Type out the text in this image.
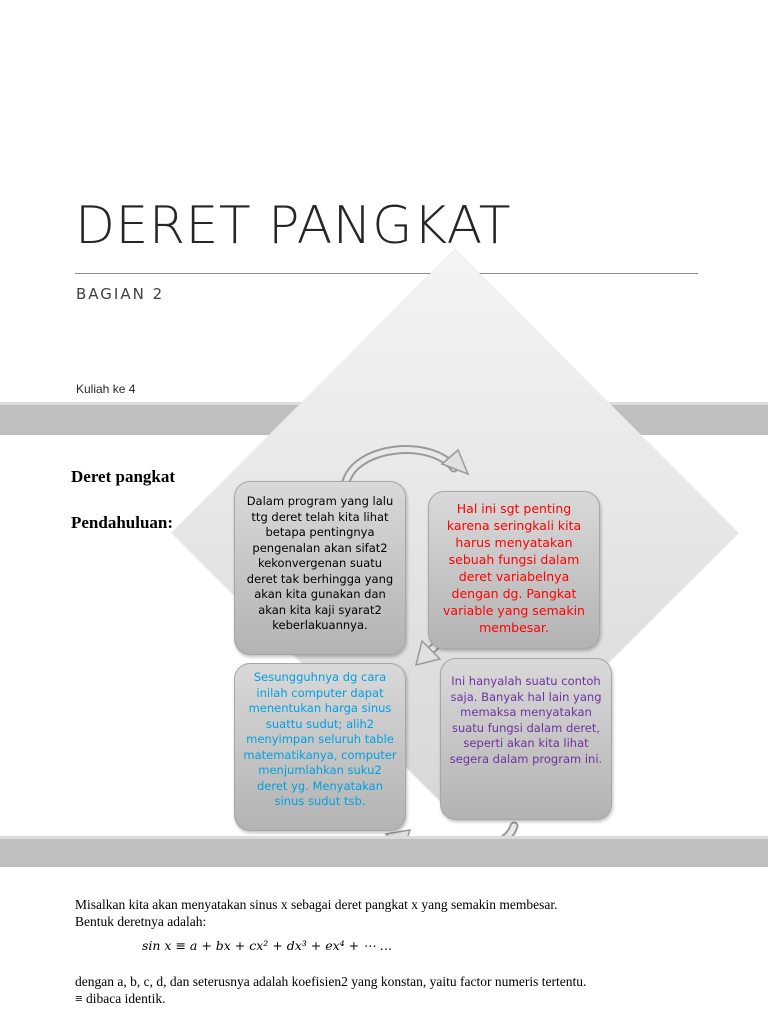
DERET PANGKAT
BAGIAN 2
Kuliah ke 4
Deret pangkat
Pendahuluan:
Dalam program yang lalu ttg deret telah kita lihat betapa pentingnya pengenalan akan sifat2 kekonvergenan suatu deret tak berhingga yang akan kita gunakan dan akan kita kaji syarat2 keberlakuannya.
Hal ini sgt penting karena seringkali kita harus menyatakan sebuah fungsi dalam deret variabelnya dengan dg. Pangkat variable yang semakin membesar.
Sesungguhnya dg cara inilah computer dapat menentukan harga sinus suattu sudut; alih2 menyimpan seluruh table matematikanya, computer menjumlahkan suku2 deret yg. Menyatakan sinus sudut tsb.
Ini hanyalah suatu contoh saja. Banyak hal lain yang memaksa menyatakan suatu fungsi dalam deret, seperti akan kita lihat segera dalam program ini.

Misalkan kita akan menyatakan sinus x sebagai deret pangkat x yang semakin membesar.

Bentuk deretnya adalah:

sin x ≡ a + bx + cx² + dx³ + ex⁴ + ⋯ …

dengan a, b, c, d, dan seterusnya adalah koefisien2 yang konstan, yaitu factor numeris tertentu.

≡ dibaca identik.
